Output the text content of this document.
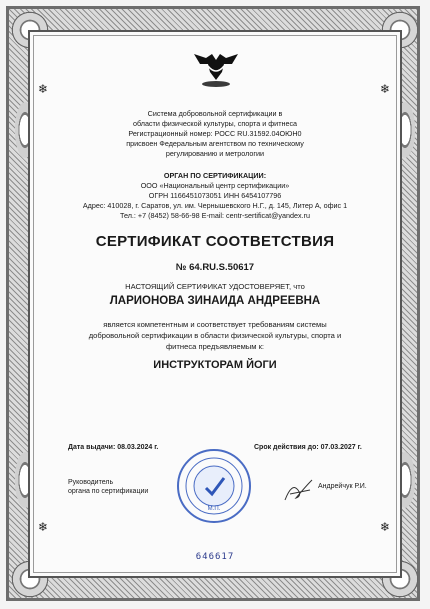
❄	❄
❄	❄
Система добровольной сертификации в
области физической культуры, спорта и фитнеса
Регистрационный номер: РОСС RU.31592.04ОЮН0
присвоен Федеральным агентством по техническому
регулированию и метрологии
ОРГАН ПО СЕРТИФИКАЦИИ:
ООО «Национальный центр сертификации»
ОГРН 1166451073051 ИНН 6454107796
Адрес: 410028, г. Саратов, ул. им. Чернышевского Н.Г., д. 145, Литер А, офис 1
Тел.: +7 (8452) 58-66-98 E-mail: centr-sertificat@yandex.ru
СЕРТИФИКАТ СООТВЕТСТВИЯ
№ 64.RU.S.50617
НАСТОЯЩИЙ СЕРТИФИКАТ УДОСТОВЕРЯЕТ, что
ЛАРИОНОВА ЗИНАИДА АНДРЕЕВНА
является компетентным и соответствует требованиям системы
добровольной сертификации в области физической культуры, спорта и
фитнеса предъявляемым к:
ИНСТРУКТОРАМ ЙОГИ
Дата выдачи: 08.03.2024 г.	Срок действия до: 07.03.2027 г.
Руководитель
органа по сертификации
М.П.
Андрейчук Р.И.
646617
